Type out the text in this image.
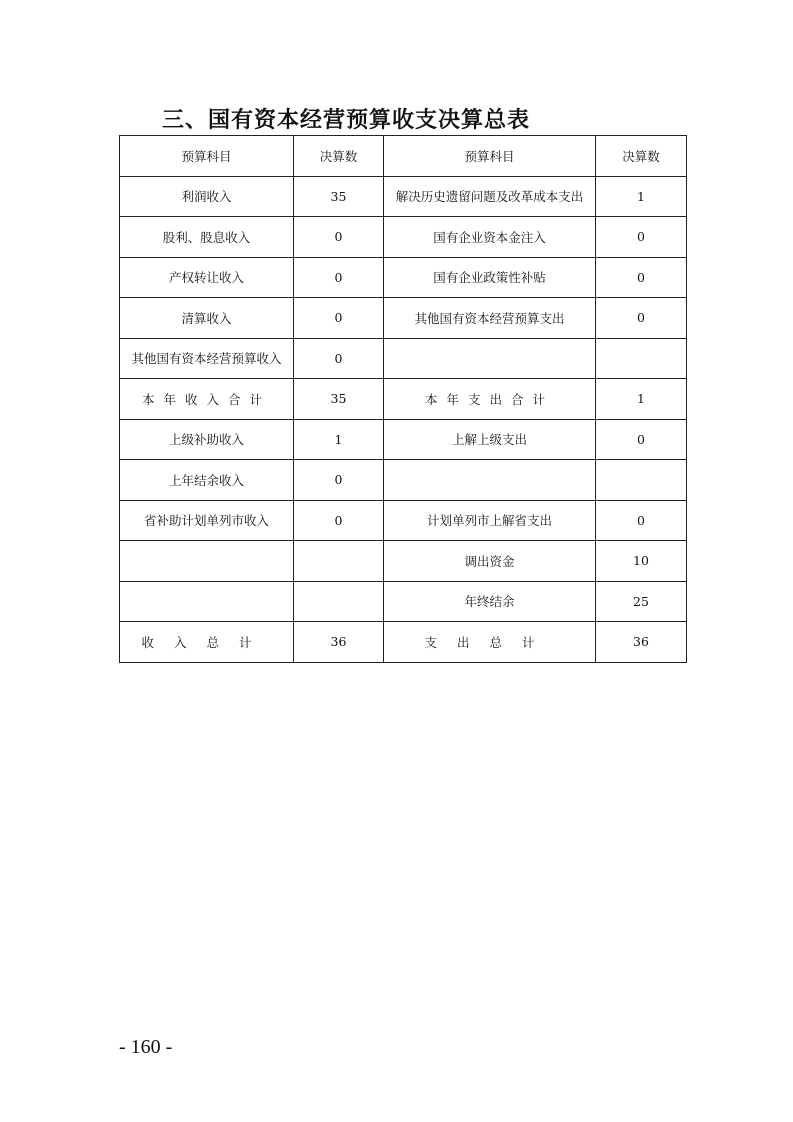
三、国有资本经营预算收支决算总表
预算科目	决算数	预算科目	决算数
利润收入	35	解决历史遗留问题及改革成本支出	1
股利、股息收入	0	国有企业资本金注入	0
产权转让收入	0	国有企业政策性补贴	0
清算收入	0	其他国有资本经营预算支出	0
其他国有资本经营预算收入	0		
本年收入合计	35	本年支出合计	1
上级补助收入	1	上解上级支出	0
上年结余收入	0		
省补助计划单列市收入	0	计划单列市上解省支出	0
		调出资金	10
		年终结余	25
收入总计	36	支出总计	36
- 160 -
